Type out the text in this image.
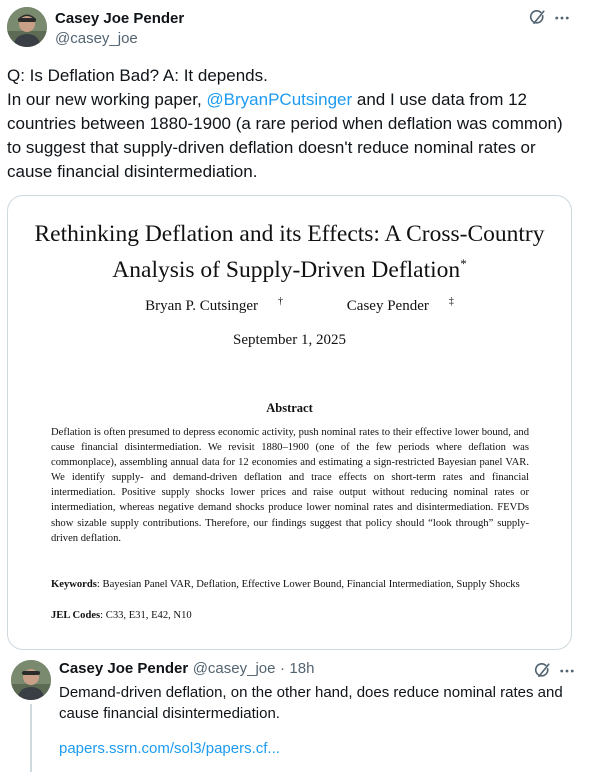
Casey Joe Pender
@casey_joe
Q: Is Deflation Bad? A: It depends.
In our new working paper, @BryanPCutsinger and I use data from 12 countries between 1880-1900 (a rare period when deflation was common) to suggest that supply-driven deflation doesn't reduce nominal rates or cause financial disintermediation.
Rethinking Deflation and its Effects: A Cross-Country
Analysis of Supply-Driven Deflation*
Bryan P. Cutsinger †	Casey Pender ‡
September 1, 2025
Abstract
Deflation is often presumed to depress economic activity, push nominal rates to their effective lower bound, and cause financial disintermediation. We revisit 1880–1900 (one of the few periods where deflation was commonplace), assembling annual data for 12 economies and estimating a sign-restricted Bayesian panel VAR. We identify supply- and demand-driven deflation and trace effects on short-term rates and financial intermediation. Positive supply shocks lower prices and raise output without reducing nominal rates or intermediation, whereas negative demand shocks produce lower nominal rates and disintermediation. FEVDs show sizable supply contributions. Therefore, our findings suggest that policy should “look through” supply-driven deflation.
Keywords: Bayesian Panel VAR, Deflation, Effective Lower Bound, Financial Intermediation, Supply Shocks
JEL Codes: C33, E31, E42, N10
Casey Joe Pender @casey_joe · 18h
Demand-driven deflation, on the other hand, does reduce nominal rates and cause financial disintermediation.
papers.ssrn.com/sol3/papers.cf...
